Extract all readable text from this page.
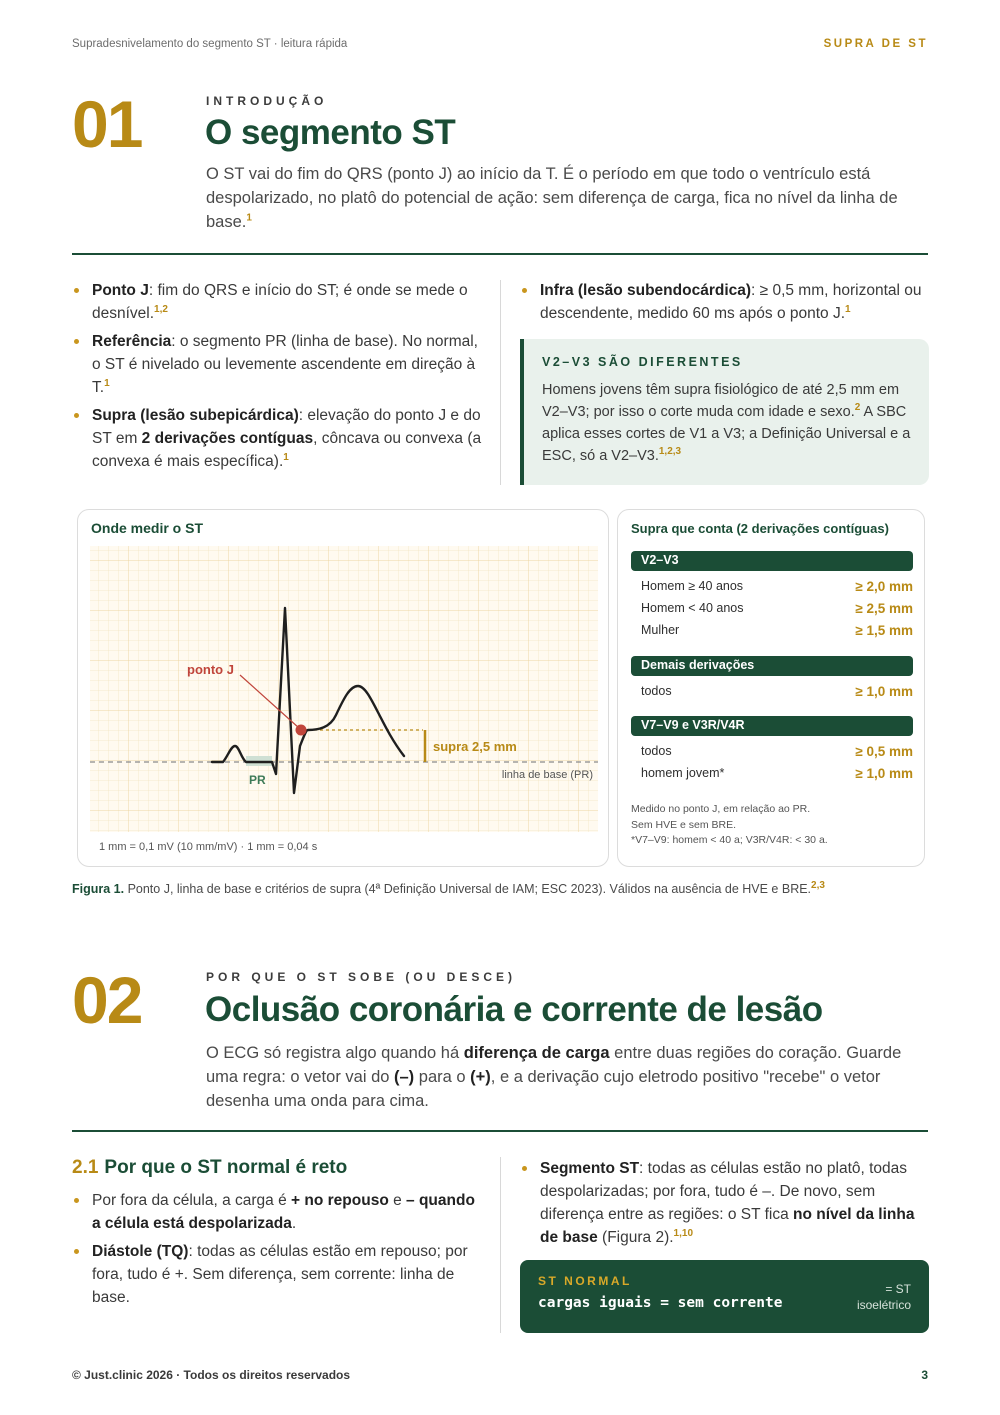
Supradesnivelamento do segmento ST · leitura rápida	SUPRA DE ST
01	INTRODUÇÃO
O segmento ST

O ST vai do fim do QRS (ponto J) ao início da T. É o período em que todo o ventrículo está despolarizado, no platô do potencial de ação: sem diferença de carga, fica no nível da linha de base.$^1$

Ponto J: fim do QRS e início do ST; é onde se mede o desnível.$^{1,2}$
Referência: o segmento PR (linha de base). No normal, o ST é nivelado ou levemente ascendente em direção à T.$^1$
Supra (lesão subepicárdica): elevação do ponto J e do ST em 2 derivações contíguas, côncava ou convexa (a convexa é mais específica).$^1$
Infra (lesão subendocárdica): ≥ 0,5 mm, horizontal ou descendente, medido 60 ms após o ponto J.$^1$
V2–V3 SÃO DIFERENTES
Homens jovens têm supra fisiológico de até 2,5 mm em V2–V3; por isso o corte muda com idade e sexo.$^2$ A SBC aplica esses cortes de V1 a V3; a Definição Universal e a ESC, só a V2–V3.$^{1,2,3}$
Onde medir o ST
ponto J
supra 2,5 mm
PR	linha de base (PR)
1 mm = 0,1 mV (10 mm/mV) · 1 mm = 0,04 s
Supra que conta (2 derivações contíguas)
V2–V3
Homem ≥ 40 anos	≥ 2,0 mm
Homem < 40 anos	≥ 2,5 mm
Mulher	≥ 1,5 mm
Demais derivações
todos	≥ 1,0 mm
V7–V9 e V3R/V4R
todos	≥ 0,5 mm
homem jovem*	≥ 1,0 mm
Medido no ponto J, em relação ao PR.
Sem HVE e sem BRE.
*V7–V9: homem < 40 a; V3R/V4R: < 30 a.
Figura 1. Ponto J, linha de base e critérios de supra (4ª Definição Universal de IAM; ESC 2023). Válidos na ausência de HVE e BRE.$^{2,3}$
02	POR QUE O ST SOBE (OU DESCE)
Oclusão coronária e corrente de lesão

O ECG só registra algo quando há diferença de carga entre duas regiões do coração. Guarde uma regra: o vetor vai do (–) para o (+), e a derivação cujo eletrodo positivo "recebe" o vetor desenha uma onda para cima.

2.1 Por que o ST normal é reto
Por fora da célula, a carga é + no repouso e – quando a célula está despolarizada.
Diástole (TQ): todas as células estão em repouso; por fora, tudo é +. Sem diferença, sem corrente: linha de base.
Segmento ST: todas as células estão no platô, todas despolarizadas; por fora, tudo é –. De novo, sem diferença entre as regiões: o ST fica no nível da linha de base (Figura 2).$^{1,10}$
ST NORMAL
cargas iguais = sem corrente
= ST
isoelétrico
© Just.clinic 2026 · Todos os direitos reservados	3
